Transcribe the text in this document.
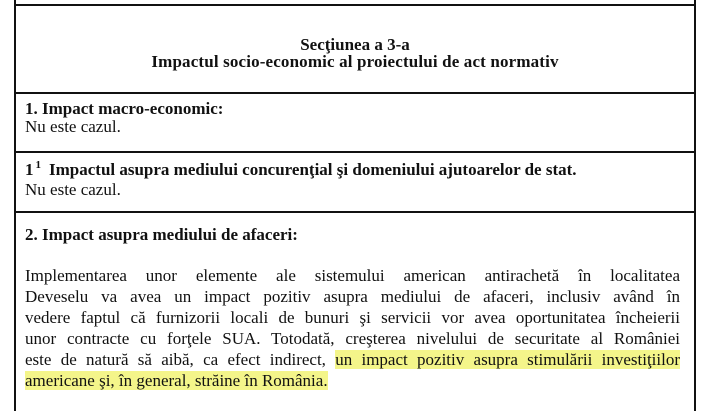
Secţiunea a 3-a
Impactul socio-economic al proiectului de act normativ
1. Impact macro-economic:
Nu este cazul.
1 $^1$ Impactul asupra mediului concurenţial şi domeniului ajutoarelor de stat.
Nu este cazul.
2. Impact asupra mediului de afaceri:
Implementarea unor elemente ale sistemului american antirachetă în localitatea
Deveselu va avea un impact pozitiv asupra mediului de afaceri, inclusiv având în
vedere faptul că furnizorii locali de bunuri şi servicii vor avea oportunitatea încheierii
unor contracte cu forţele SUA. Totodată, creşterea nivelului de securitate al României
este de natură să aibă, ca efect indirect, un impact pozitiv asupra stimulării investiţiilor
americane şi, în general, străine în România.
